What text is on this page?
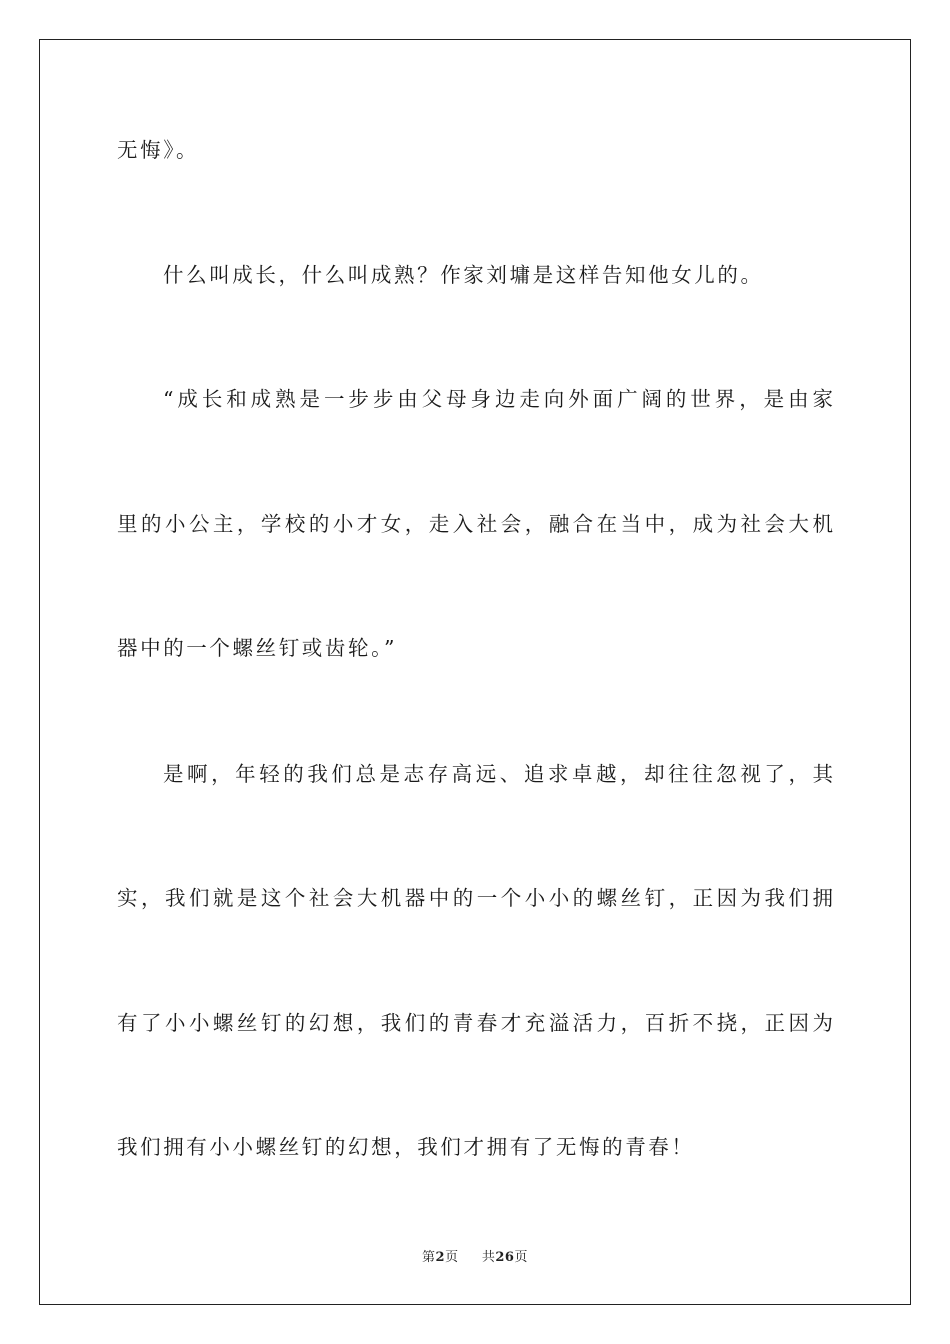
无悔》。
什么叫成长，什么叫成熟？作家刘墉是这样告知他女儿的。
“成长和成熟是一步步由父母身边走向外面广阔的世界，是由家
里的小公主，学校的小才女，走入社会，融合在当中，成为社会大机
器中的一个螺丝钉或齿轮。”
是啊，年轻的我们总是志存高远、追求卓越，却往往忽视了，其
实，我们就是这个社会大机器中的一个小小的螺丝钉，正因为我们拥
有了小小螺丝钉的幻想，我们的青春才充溢活力，百折不挠，正因为
我们拥有小小螺丝钉的幻想，我们才拥有了无悔的青春！
第2页 共26页
